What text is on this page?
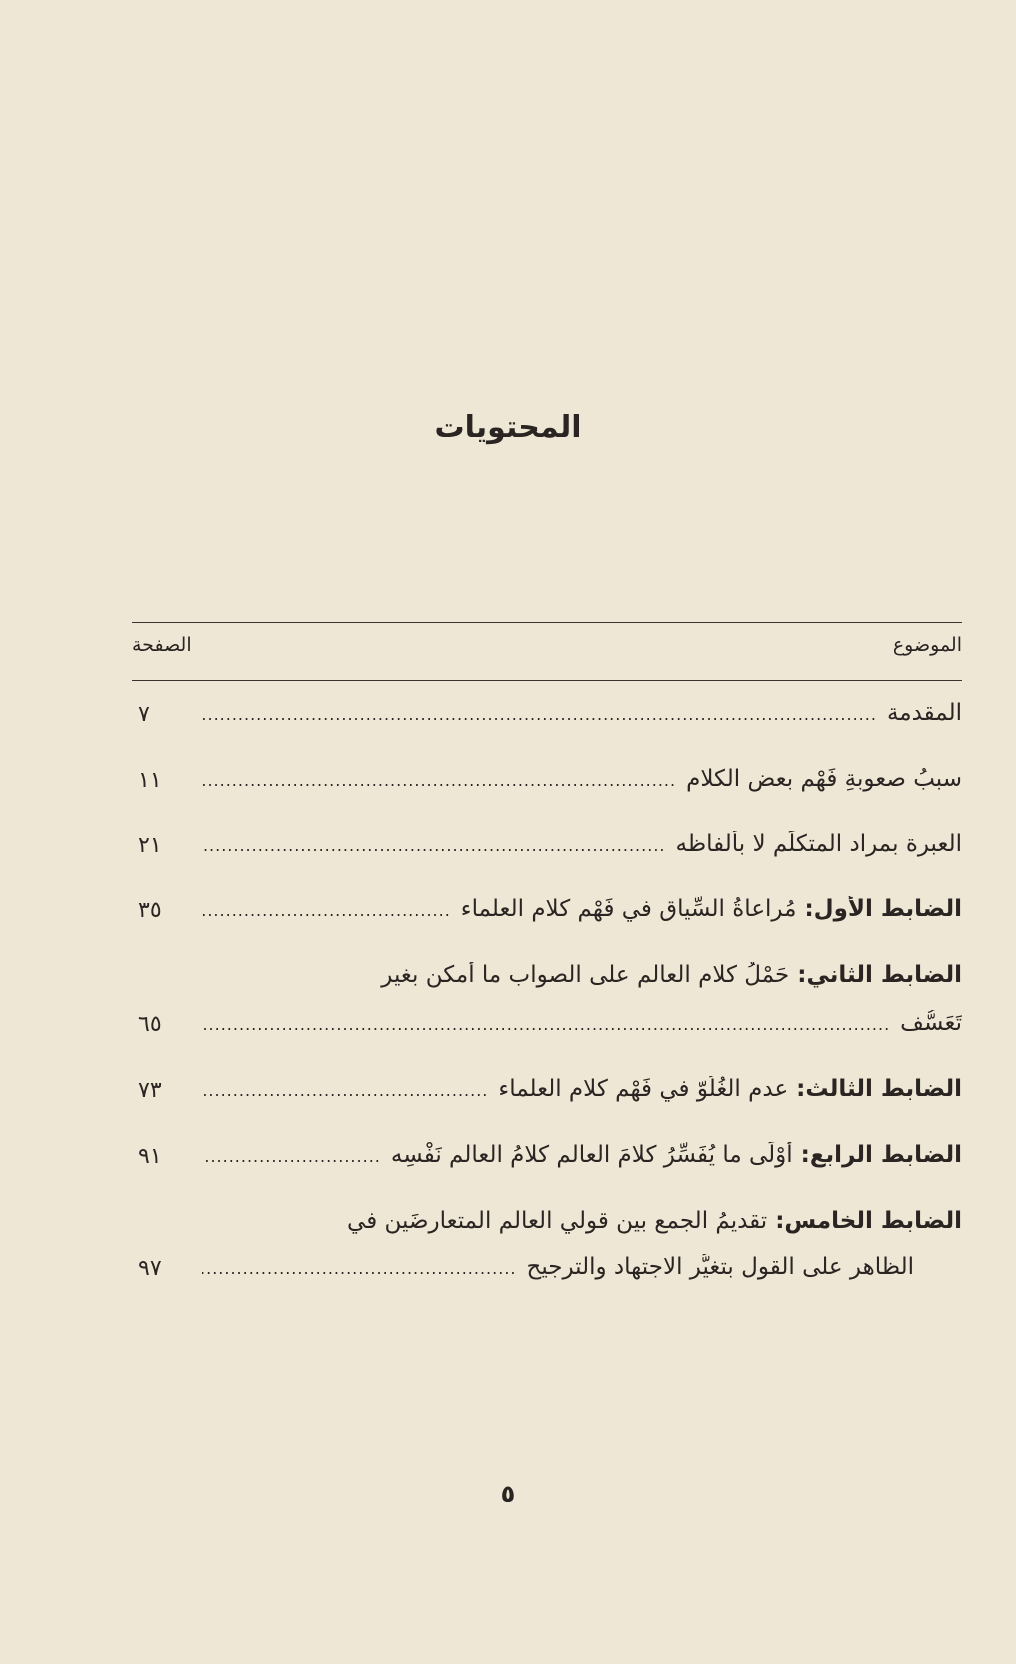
المحتويات
الموضوع
الصفحة
المقدمة
.....
٧
سببُ صعوبةِ فَهْمِ بعض الكلام
.....
١١
العبرة بمراد المتكلِّم لا بألفاظه
.....
٢١
الضابط الأول:
مُراعاةُ السِّياقِ في فَهْمِ كلام العلماء
.....
٣٥
الضابط الثاني:
حَمْلُ كلام العالم على الصواب ما أمكن بغير
تَعَسُّف
.....
٦٥
الضابط الثالث:
عدم الغُلُوّ في فَهْمِ كلام العلماء
.....
٧٣
الضابط الرابع:
أَوْلَى ما يُفَسِّرُ كلامَ العالم كلامُ العالم نَفْسِه
.....
٩١
الضابط الخامس:
تقديمُ الجمع بين قولي العالم المتعارضَينِ في
الظاهر على القول بتغيُّرِ الاجتهاد والترجيح
.....
٩٧
٥
